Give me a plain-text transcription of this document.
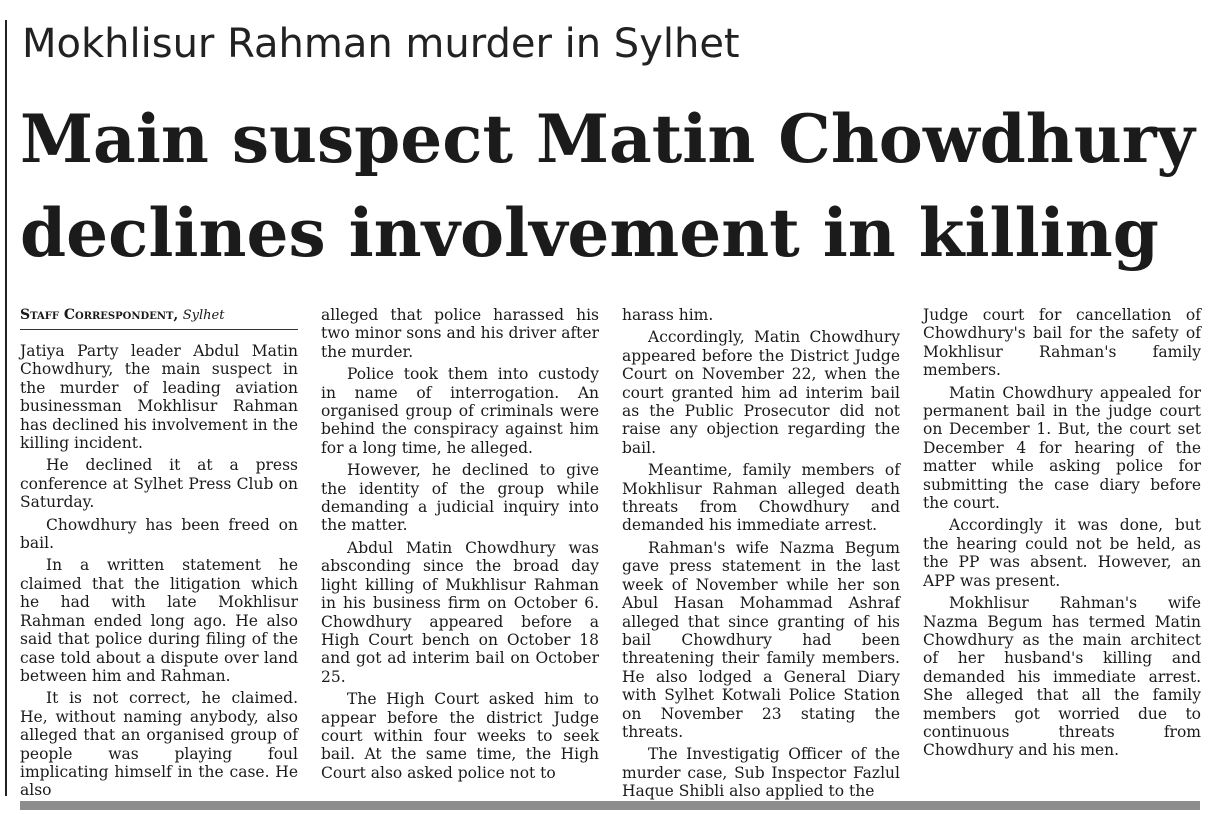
Mokhlisur Rahman murder in Sylhet
Main suspect Matin Chowdhury
declines involvement in killing
Staff Correspondent, Sylhet

Jatiya Party leader Abdul Matin Chowdhury, the main suspect in the murder of leading aviation businessman Mokhlisur Rahman has declined his involvement in the killing incident.

He declined it at a press conference at Sylhet Press Club on Saturday.

Chowdhury has been freed on bail.

In a written statement he claimed that the litigation which he had with late Mokhlisur Rahman ended long ago. He also said that police during filing of the case told about a dispute over land between him and Rahman.

It is not correct, he claimed. He, without naming anybody, also alleged that an organised group of people was playing foul implicating himself in the case. He also

alleged that police harassed his two minor sons and his driver after the murder.

Police took them into custody in name of interrogation. An organised group of criminals were behind the conspiracy against him for a long time, he alleged.

However, he declined to give the identity of the group while demanding a judicial inquiry into the matter.

Abdul Matin Chowdhury was absconding since the broad day light killing of Mukhlisur Rahman in his business firm on October 6. Chowdhury appeared before a High Court bench on October 18 and got ad interim bail on October 25.

The High Court asked him to appear before the district Judge court within four weeks to seek bail. At the same time, the High Court also asked police not to

harass him.

Accordingly, Matin Chowdhury appeared before the District Judge Court on November 22, when the court granted him ad interim bail as the Public Prosecutor did not raise any objection regarding the bail.

Meantime, family members of Mokhlisur Rahman alleged death threats from Chowdhury and demanded his immediate arrest.

Rahman's wife Nazma Begum gave press statement in the last week of November while her son Abul Hasan Mohammad Ashraf alleged that since granting of his bail Chowdhury had been threatening their family members. He also lodged a General Diary with Sylhet Kotwali Police Station on November 23 stating the threats.

The Investigatig Officer of the murder case, Sub Inspector Fazlul Haque Shibli also applied to the

Judge court for cancellation of Chowdhury's bail for the safety of Mokhlisur Rahman's family members.

Matin Chowdhury appealed for permanent bail in the judge court on December 1. But, the court set December 4 for hearing of the matter while asking police for submitting the case diary before the court.

Accordingly it was done, but the hearing could not be held, as the PP was absent. However, an APP was present.

Mokhlisur Rahman's wife Nazma Begum has termed Matin Chowdhury as the main architect of her husband's killing and demanded his immediate arrest. She alleged that all the family members got worried due to continuous threats from Chowdhury and his men.
